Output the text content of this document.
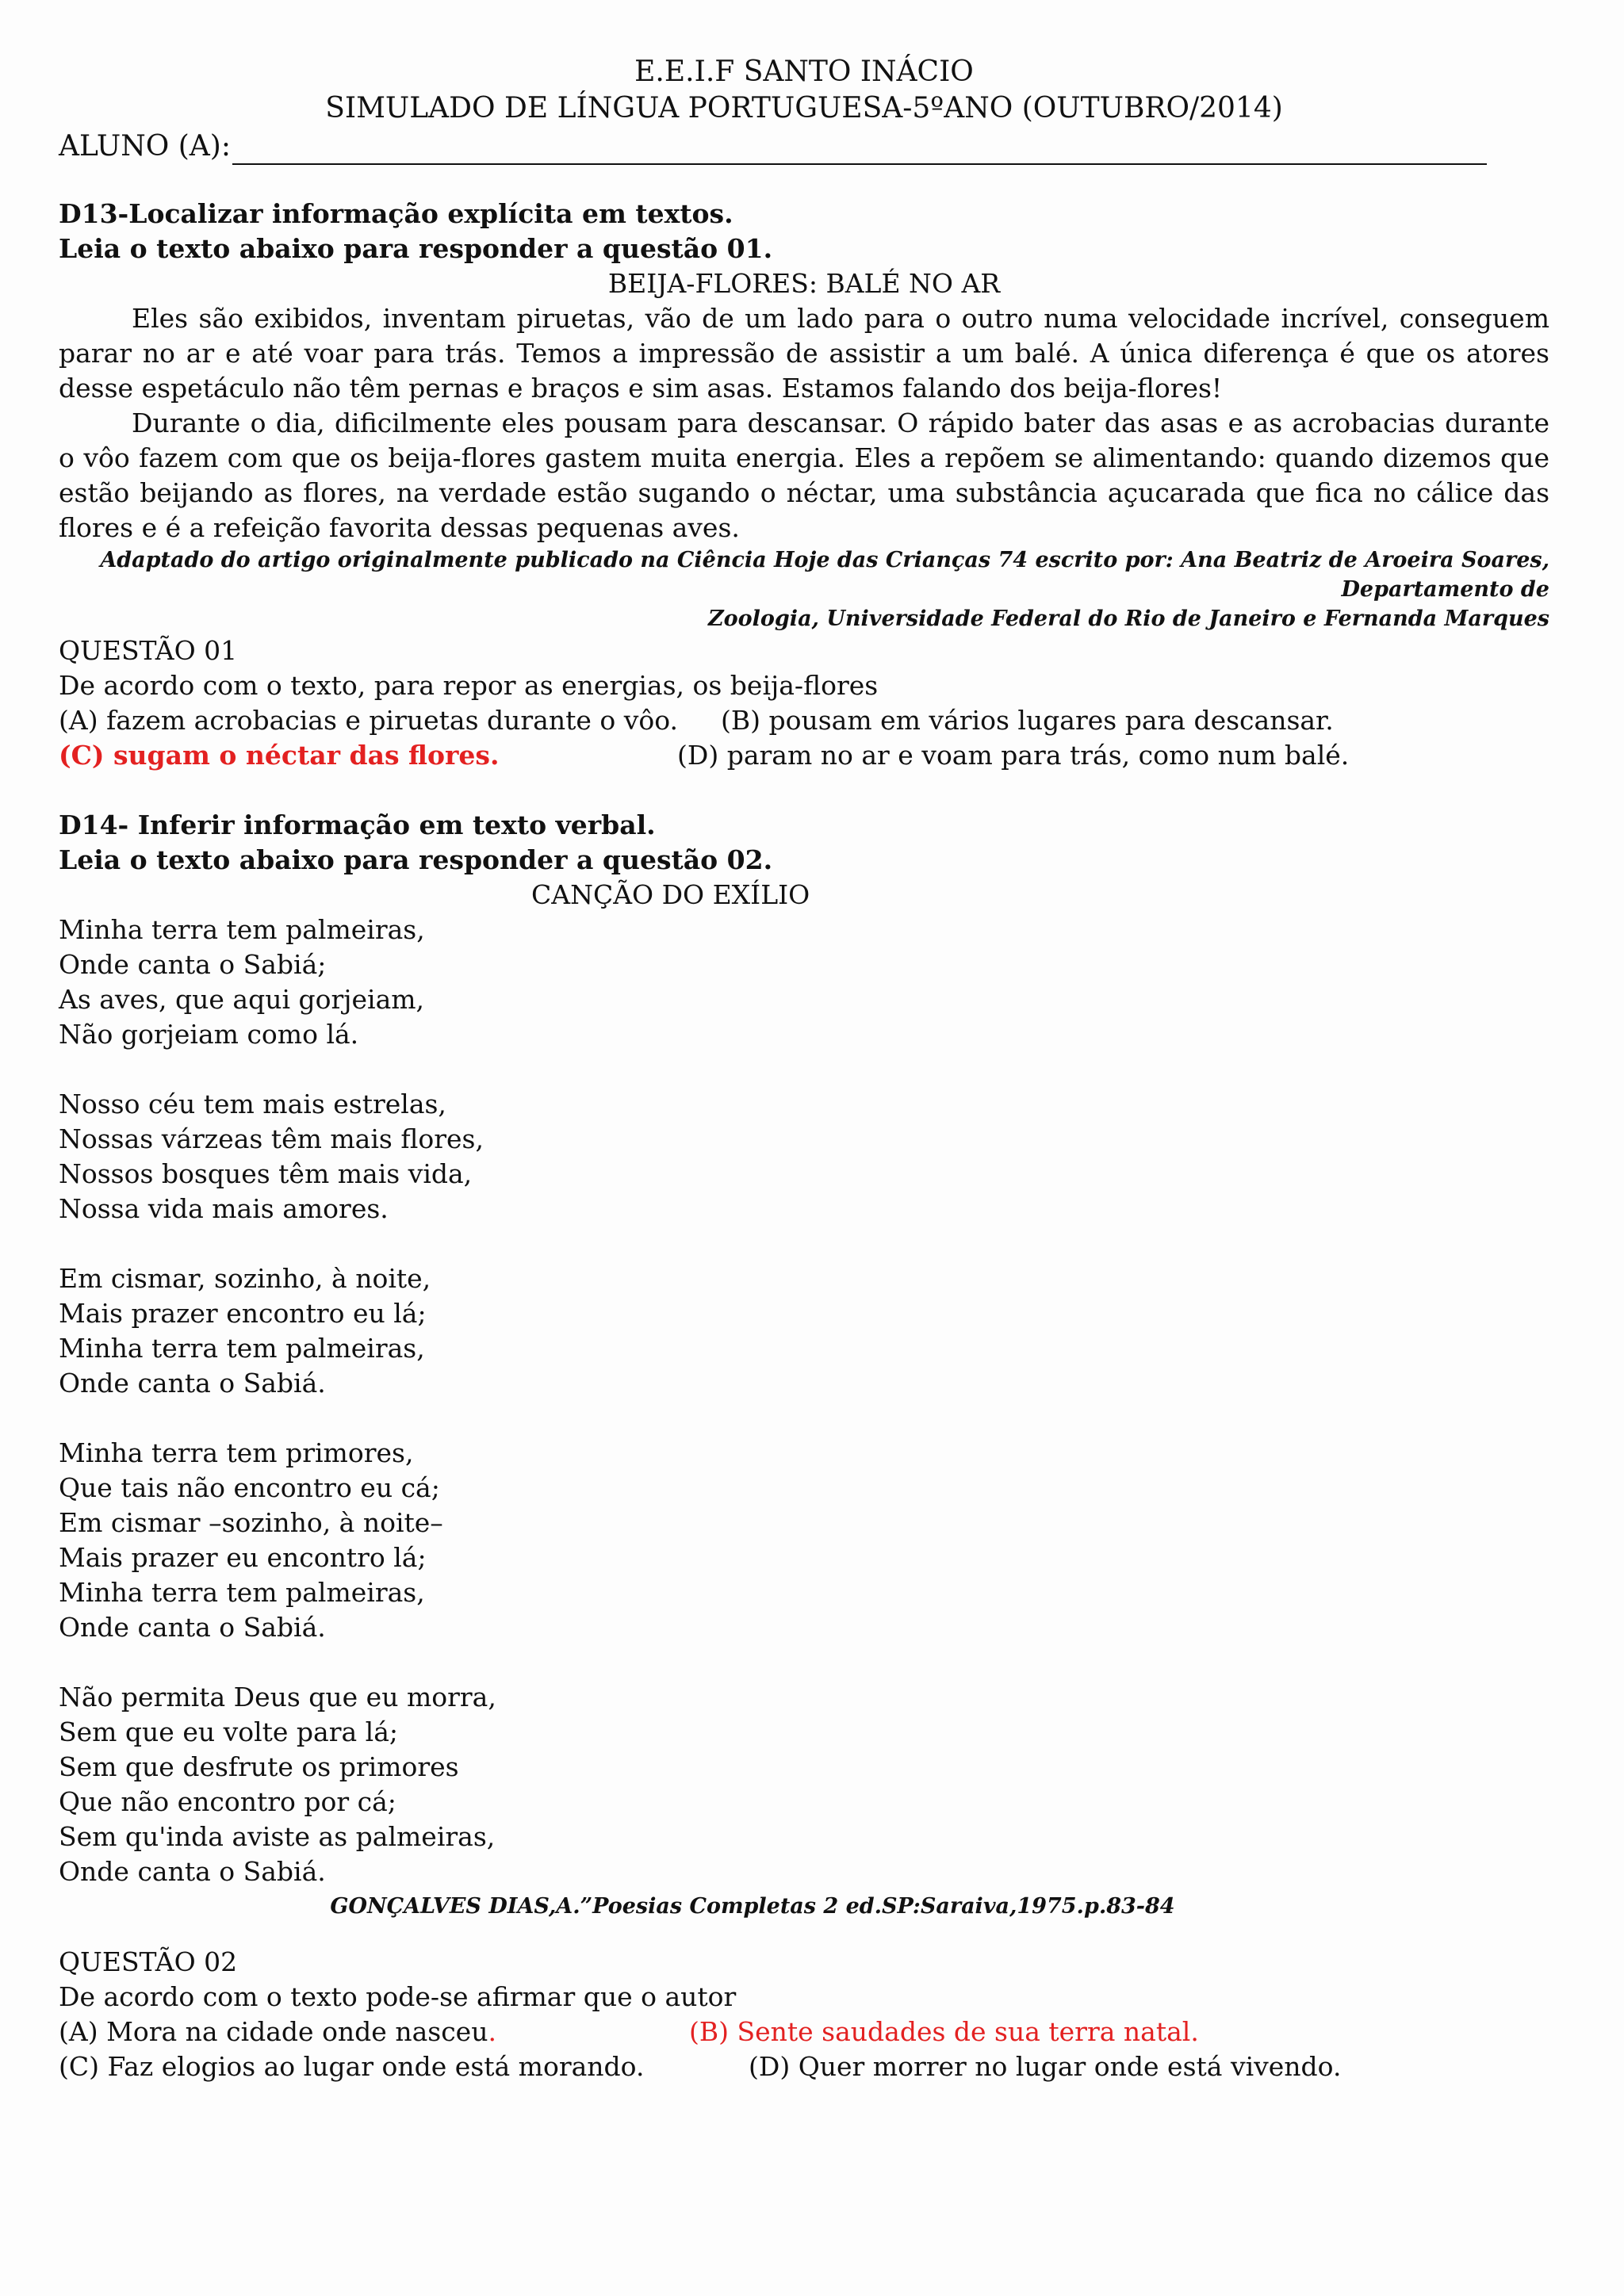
E.E.I.F SANTO INÁCIO
SIMULADO DE LÍNGUA PORTUGUESA-5ºANO (OUTUBRO/2014)
ALUNO (A):
D13-Localizar informação explícita em textos.
Leia o texto abaixo para responder a questão 01.
BEIJA-FLORES: BALÉ NO AR
Eles são exibidos, inventam piruetas, vão de um lado para o outro numa velocidade incrível, conseguem parar no ar e até voar para trás. Temos a impressão de assistir a um balé. A única diferença é que os atores desse espetáculo não têm pernas e braços e sim asas. Estamos falando dos beija-flores!
Durante o dia, dificilmente eles pousam para descansar. O rápido bater das asas e as acrobacias durante o vôo fazem com que os beija-flores gastem muita energia. Eles a repõem se alimentando: quando dizemos que estão beijando as flores, na verdade estão sugando o néctar, uma substância açucarada que fica no cálice das flores e é a refeição favorita dessas pequenas aves.
Adaptado do artigo originalmente publicado na Ciência Hoje das Crianças 74 escrito por: Ana Beatriz de Aroeira Soares, Departamento de
Zoologia, Universidade Federal do Rio de Janeiro e Fernanda Marques
QUESTÃO 01
De acordo com o texto, para repor as energias, os beija-flores
(A) fazem acrobacias e piruetas durante o vôo. (B) pousam em vários lugares para descansar.
(C) sugam o néctar das flores.	(D) param no ar e voam para trás, como num balé.
D14- Inferir informação em texto verbal.
Leia o texto abaixo para responder a questão 02.
CANÇÃO DO EXÍLIO
Minha terra tem palmeiras,
Onde canta o Sabiá;
As aves, que aqui gorjeiam,
Não gorjeiam como lá.
Nosso céu tem mais estrelas,
Nossas várzeas têm mais flores,
Nossos bosques têm mais vida,
Nossa vida mais amores.
Em cismar, sozinho, à noite,
Mais prazer encontro eu lá;
Minha terra tem palmeiras,
Onde canta o Sabiá.
Minha terra tem primores,
Que tais não encontro eu cá;
Em cismar –sozinho, à noite–
Mais prazer eu encontro lá;
Minha terra tem palmeiras,
Onde canta o Sabiá.
Não permita Deus que eu morra,
Sem que eu volte para lá;
Sem que desfrute os primores
Que não encontro por cá;
Sem qu'inda aviste as palmeiras,
Onde canta o Sabiá.
GONÇALVES DIAS,A.”Poesias Completas 2 ed.SP:Saraiva,1975.p.83-84
QUESTÃO 02
De acordo com o texto pode-se afirmar que o autor
(A) Mora na cidade onde nasceu.	(B) Sente saudades de sua terra natal.
(C) Faz elogios ao lugar onde está morando.	(D) Quer morrer no lugar onde está vivendo.
